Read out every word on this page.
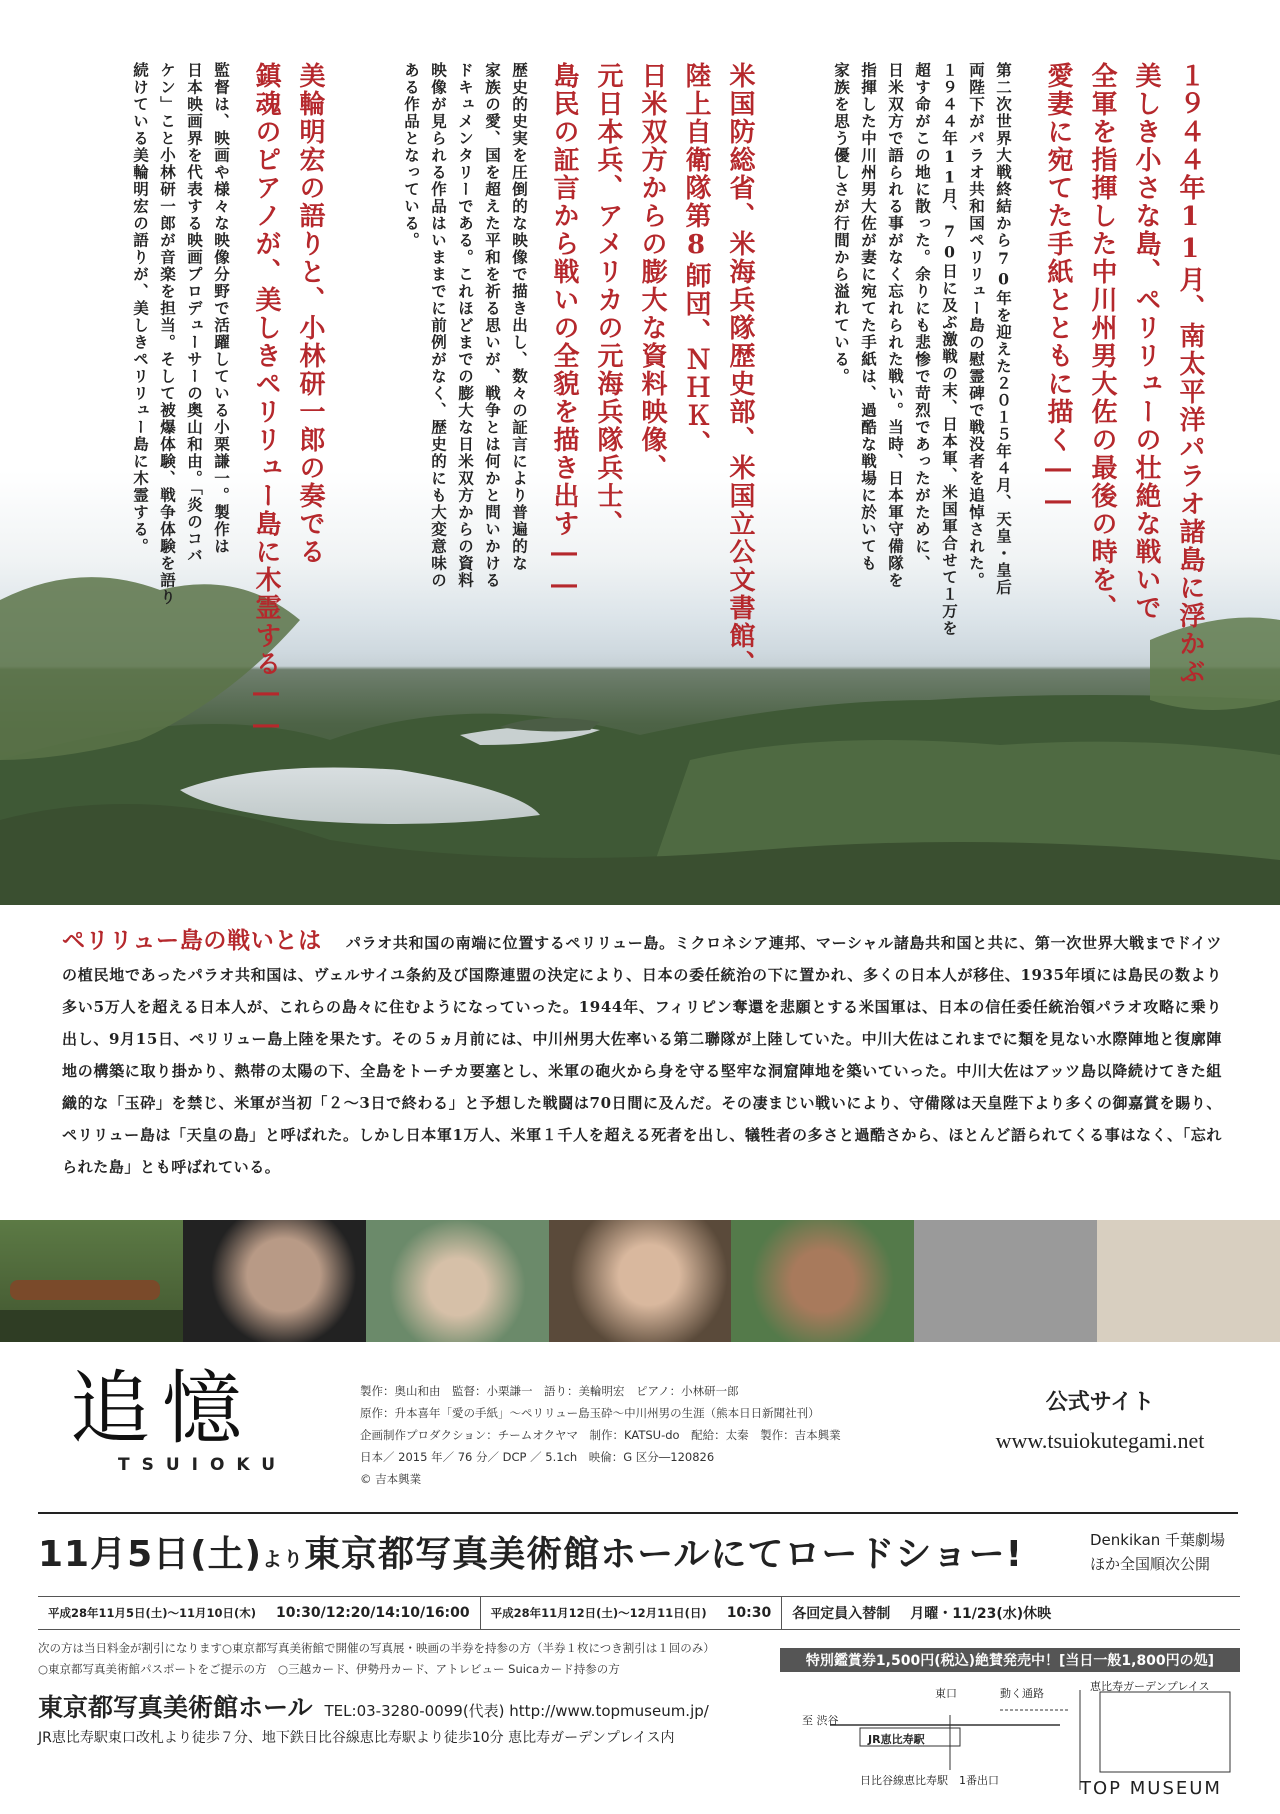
１９４４年11月、南太平洋パラオ諸島に浮かぶ
美しき小さな島、ペリリューの壮絶な戦いで
全軍を指揮した中川州男大佐の最後の時を、
愛妻に宛てた手紙とともに描く――
第二次世界大戦終結から70年を迎えた２０１５年４月、天皇・皇后
両陛下がパラオ共和国ペリリュー島の慰霊碑で戦没者を追悼された。
１９４４年11月、70日に及ぶ激戦の末、日本軍、米国軍合せて１万を
超す命がこの地に散った。余りにも悲惨で苛烈であったがために、
日米双方で語られる事がなく忘れられた戦い。当時、日本軍守備隊を
指揮した中川州男大佐が妻に宛てた手紙は、過酷な戦場に於いても
家族を思う優しさが行間から溢れている。
米国防総省、米海兵隊歴史部、米国立公文書館、
陸上自衛隊第8師団、ＮＨＫ、
日米双方からの膨大な資料映像、
元日本兵、アメリカの元海兵隊兵士、
島民の証言から戦いの全貌を描き出す――
歴史的史実を圧倒的な映像で描き出し、数々の証言により普遍的な
家族の愛、国を超えた平和を祈る思いが、戦争とは何かと問いかける
ドキュメンタリーである。これほどまでの膨大な日米双方からの資料
映像が見られる作品はいままでに前例がなく、歴史的にも大変意味の
ある作品となっている。
美輪明宏の語りと、小林研一郎の奏でる
鎮魂のピアノが、美しきペリリュー島に木霊する――
監督は、映画や様々な映像分野で活躍している小栗謙一。製作は
日本映画界を代表する映画プロデューサーの奥山和由。「炎のコバ
ケン」こと小林研一郎が音楽を担当。そして被爆体験、戦争体験を語り
続けている美輪明宏の語りが、美しきペリリュー島に木霊する。
ペリリュー島の戦いとは パラオ共和国の南端に位置するペリリュー島。ミクロネシア連邦、マーシャル諸島共和国と共に、第一次世界大戦までドイツの植民地であったパラオ共和国は、ヴェルサイユ条約及び国際連盟の決定により、日本の委任統治の下に置かれ、多くの日本人が移住、1935年頃には島民の数より多い5万人を超える日本人が、これらの島々に住むようになっていった。1944年、フィリピン奪還を悲願とする米国軍は、日本の信任委任統治領パラオ攻略に乗り出し、9月15日、ペリリュー島上陸を果たす。その５ヵ月前には、中川州男大佐率いる第二聯隊が上陸していた。中川大佐はこれまでに類を見ない水際陣地と復廓陣地の構築に取り掛かり、熱帯の太陽の下、全島をトーチカ要塞とし、米軍の砲火から身を守る堅牢な洞窟陣地を築いていった。中川大佐はアッツ島以降続けてきた組織的な「玉砕」を禁じ、米軍が当初「２～3日で終わる」と予想した戦闘は70日間に及んだ。その凄まじい戦いにより、守備隊は天皇陛下より多くの御嘉賞を賜り、ペリリュー島は「天皇の島」と呼ばれた。しかし日本軍1万人、米軍１千人を超える死者を出し、犠牲者の多さと過酷さから、ほとんど語られてくる事はなく、「忘れられた島」とも呼ばれている。
追憶
TSUIOKU
製作：奥山和由　監督：小栗謙一　語り：美輪明宏　ピアノ：小林研一郎
原作：升本喜年「愛の手紙」〜ペリリュー島玉砕〜中川州男の生涯（熊本日日新聞社刊）
企画制作プロダクション：チームオクヤマ　制作：KATSU-do　配給：太秦　製作：吉本興業
日本／ 2015 年／ 76 分／ DCP ／ 5.1ch　映倫：G 区分―120826
© 吉本興業
公式サイト
www.tsuiokutegami.net
11月5日(土)より東京都写真美術館ホールにてロードショー!	Denkikan 千葉劇場
ほか全国順次公開
平成28年11月5日(土)〜11月10日(木)	10:30/12:20/14:10/16:00	平成28年11月12日(土)〜12月11日(日)	10:30	各回定員入替制	月曜・11/23(水)休映
次の方は当日料金が割引になります○東京都写真美術館で開催の写真展・映画の半券を持参の方（半券１枚につき割引は１回のみ）
○東京都写真美術館パスポートをご提示の方　○三越カード、伊勢丹カード、アトレビュー Suicaカード持参の方	特別鑑賞券1,500円(税込)絶賛発売中！[当日一般1,800円の処]
東京都写真美術館ホール TEL:03-3280-0099(代表) http://www.topmuseum.jp/
JR恵比寿駅東口改札より徒歩７分、地下鉄日比谷線恵比寿駅より徒歩10分 恵比寿ガーデンプレイス内
至 渋谷
東口	動く通路
恵比寿ガーデンプレイス
JR恵比寿駅
日比谷線恵比寿駅　1番出口	TOP MUSEUM
